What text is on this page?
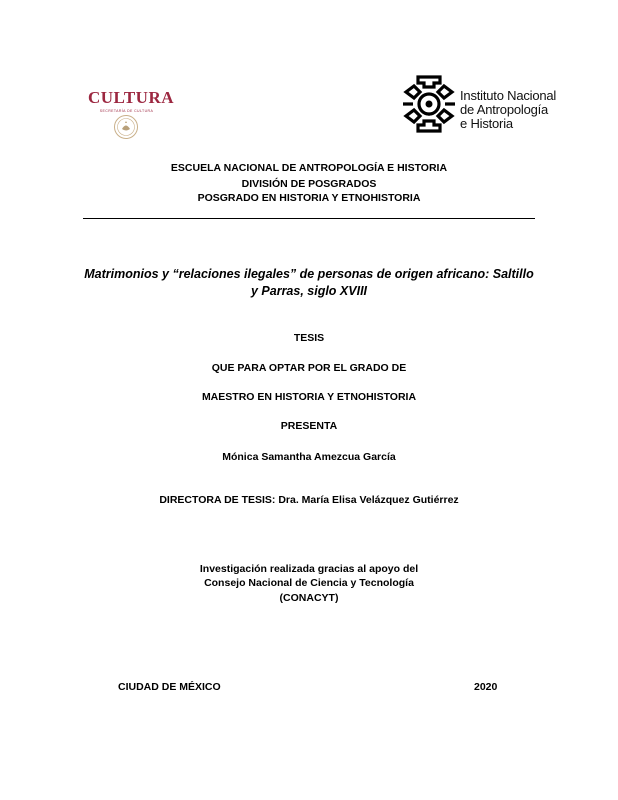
CULTURA
SECRETARÍA DE CULTURA
Instituto Nacional
de Antropología
e Historia
ESCUELA NACIONAL DE ANTROPOLOGÍA E HISTORIA
DIVISIÓN DE POSGRADOS
POSGRADO EN HISTORIA Y ETNOHISTORIA
Matrimonios y “relaciones ilegales” de personas de origen africano: Saltillo
y Parras, siglo XVIII
TESIS
QUE PARA OPTAR POR EL GRADO DE
MAESTRO EN HISTORIA Y ETNOHISTORIA
PRESENTA
Mónica Samantha Amezcua García
DIRECTORA DE TESIS: Dra. María Elisa Velázquez Gutiérrez
Investigación realizada gracias al apoyo del
Consejo Nacional de Ciencia y Tecnología
(CONACYT)
CIUDAD DE MÉXICO	2020
